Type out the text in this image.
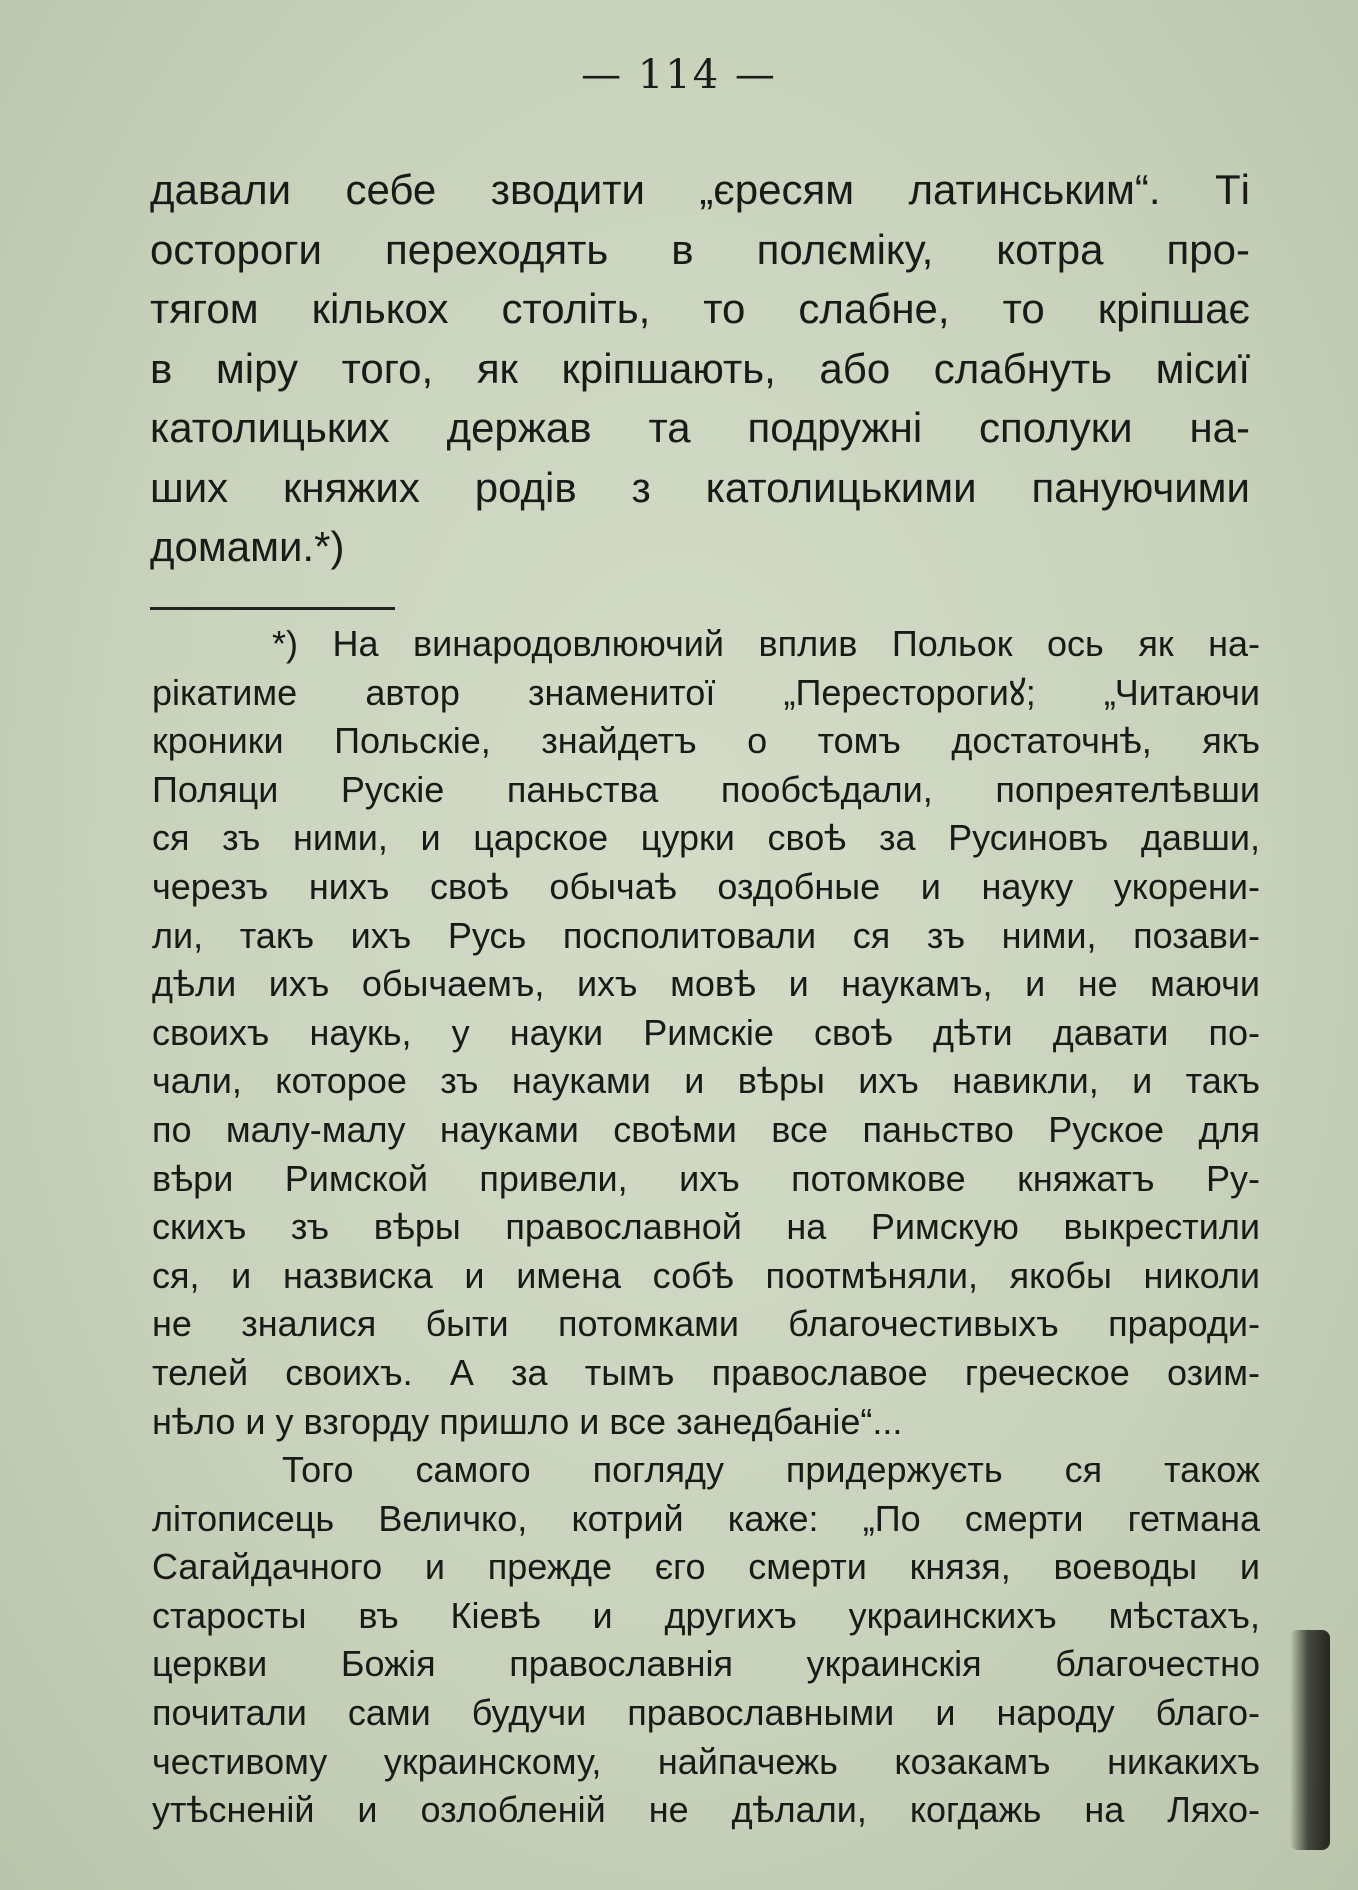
— 114 —
давали себе зводити „єресям латинським“. Ті
остороги переходять в полєміку, котра про-
тягом кількох століть, то слабне, то кріпшає
в міру того, як кріпшають, або слабнуть місиї
католицьких держав та подружні сполуки на-
ших княжих родів з католицькими пануючими
домами.*)
*) На винародовлюючий вплив Польок ось як на-
рікатиме автор знаменитої „Пересторогиꙋ; „Читаючи
кроники Польскіе, знайдетъ о томъ достаточнѣ, якъ
Поляци Рускіе паньства пообсѣдали, попреятелѣвши
ся зъ ними, и царское цурки своѣ за Русиновъ давши,
черезъ нихъ своѣ обычаѣ оздобные и науку укорени-
ли, такъ ихъ Русь посполитовали ся зъ ними, позави-
дѣли ихъ обычаемъ, ихъ мовѣ и наукамъ, и не маючи
своихъ наукь, у науки Римскіе своѣ дѣти давати по-
чали, которое зъ науками и вѣры ихъ навикли, и такъ
по малу-малу науками своѣми все паньство Руское для
вѣри Римской привели, ихъ потомкове княжатъ Ру-
скихъ зъ вѣры православной на Римскую выкрестили
ся, и назвиска и имена собѣ поотмѣняли, якобы николи
не зналися быти потомками благочестивыхъ прароди-
телей своихъ. А за тымъ православое греческое озим-
нѣло и у взгорду пришло и все занедбаніе“...
Того самого погляду придержуєть ся також
літописець Величко, котрий каже: „По смерти гетмана
Сагайдачного и прежде єго смерти князя, воеводы и
старосты въ Кіевѣ и другихъ украинскихъ мѣстахъ,
церкви Божія православнія украинскія благочестно
почитали сами будучи православными и народу благо-
честивому украинскому, найпачежь козакамъ никакихъ
утѣсненій и озлобленій не дѣлали, когдажь на Ляхо-
